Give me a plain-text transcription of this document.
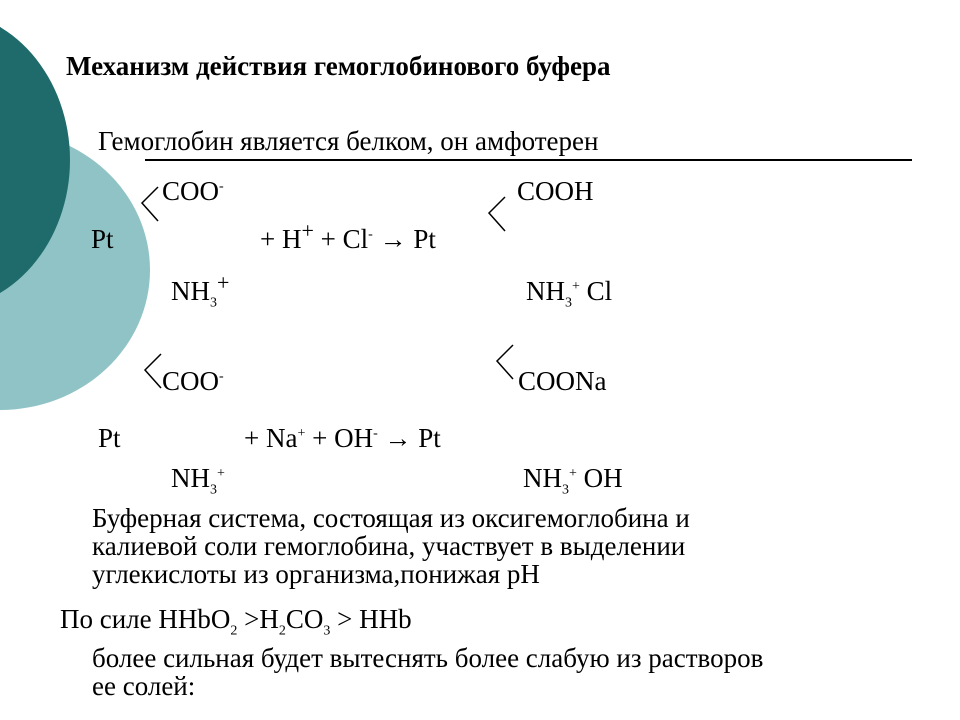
Механизм действия гемоглобинового буфера
Гемоглобин является белком, он амфотерен
COO-	COOH
Pt	+ H+ + Cl- → Pt
$NH_3^+$	$NH_3^+$ Cl
COO-	COONa
Pt	+ Na+ + OH- → Pt
$NH_3^+$	$NH_3^+$ OH
Буферная система, состоящая из оксигемоглобина и
калиевой соли гемоглобина, участвует в выделении
углекислоты из организма,понижая pH
По силе HHbO$_2$ $>H_2CO_3$ > HHb
более сильная будет вытеснять более слабую из растворов
ее солей:
